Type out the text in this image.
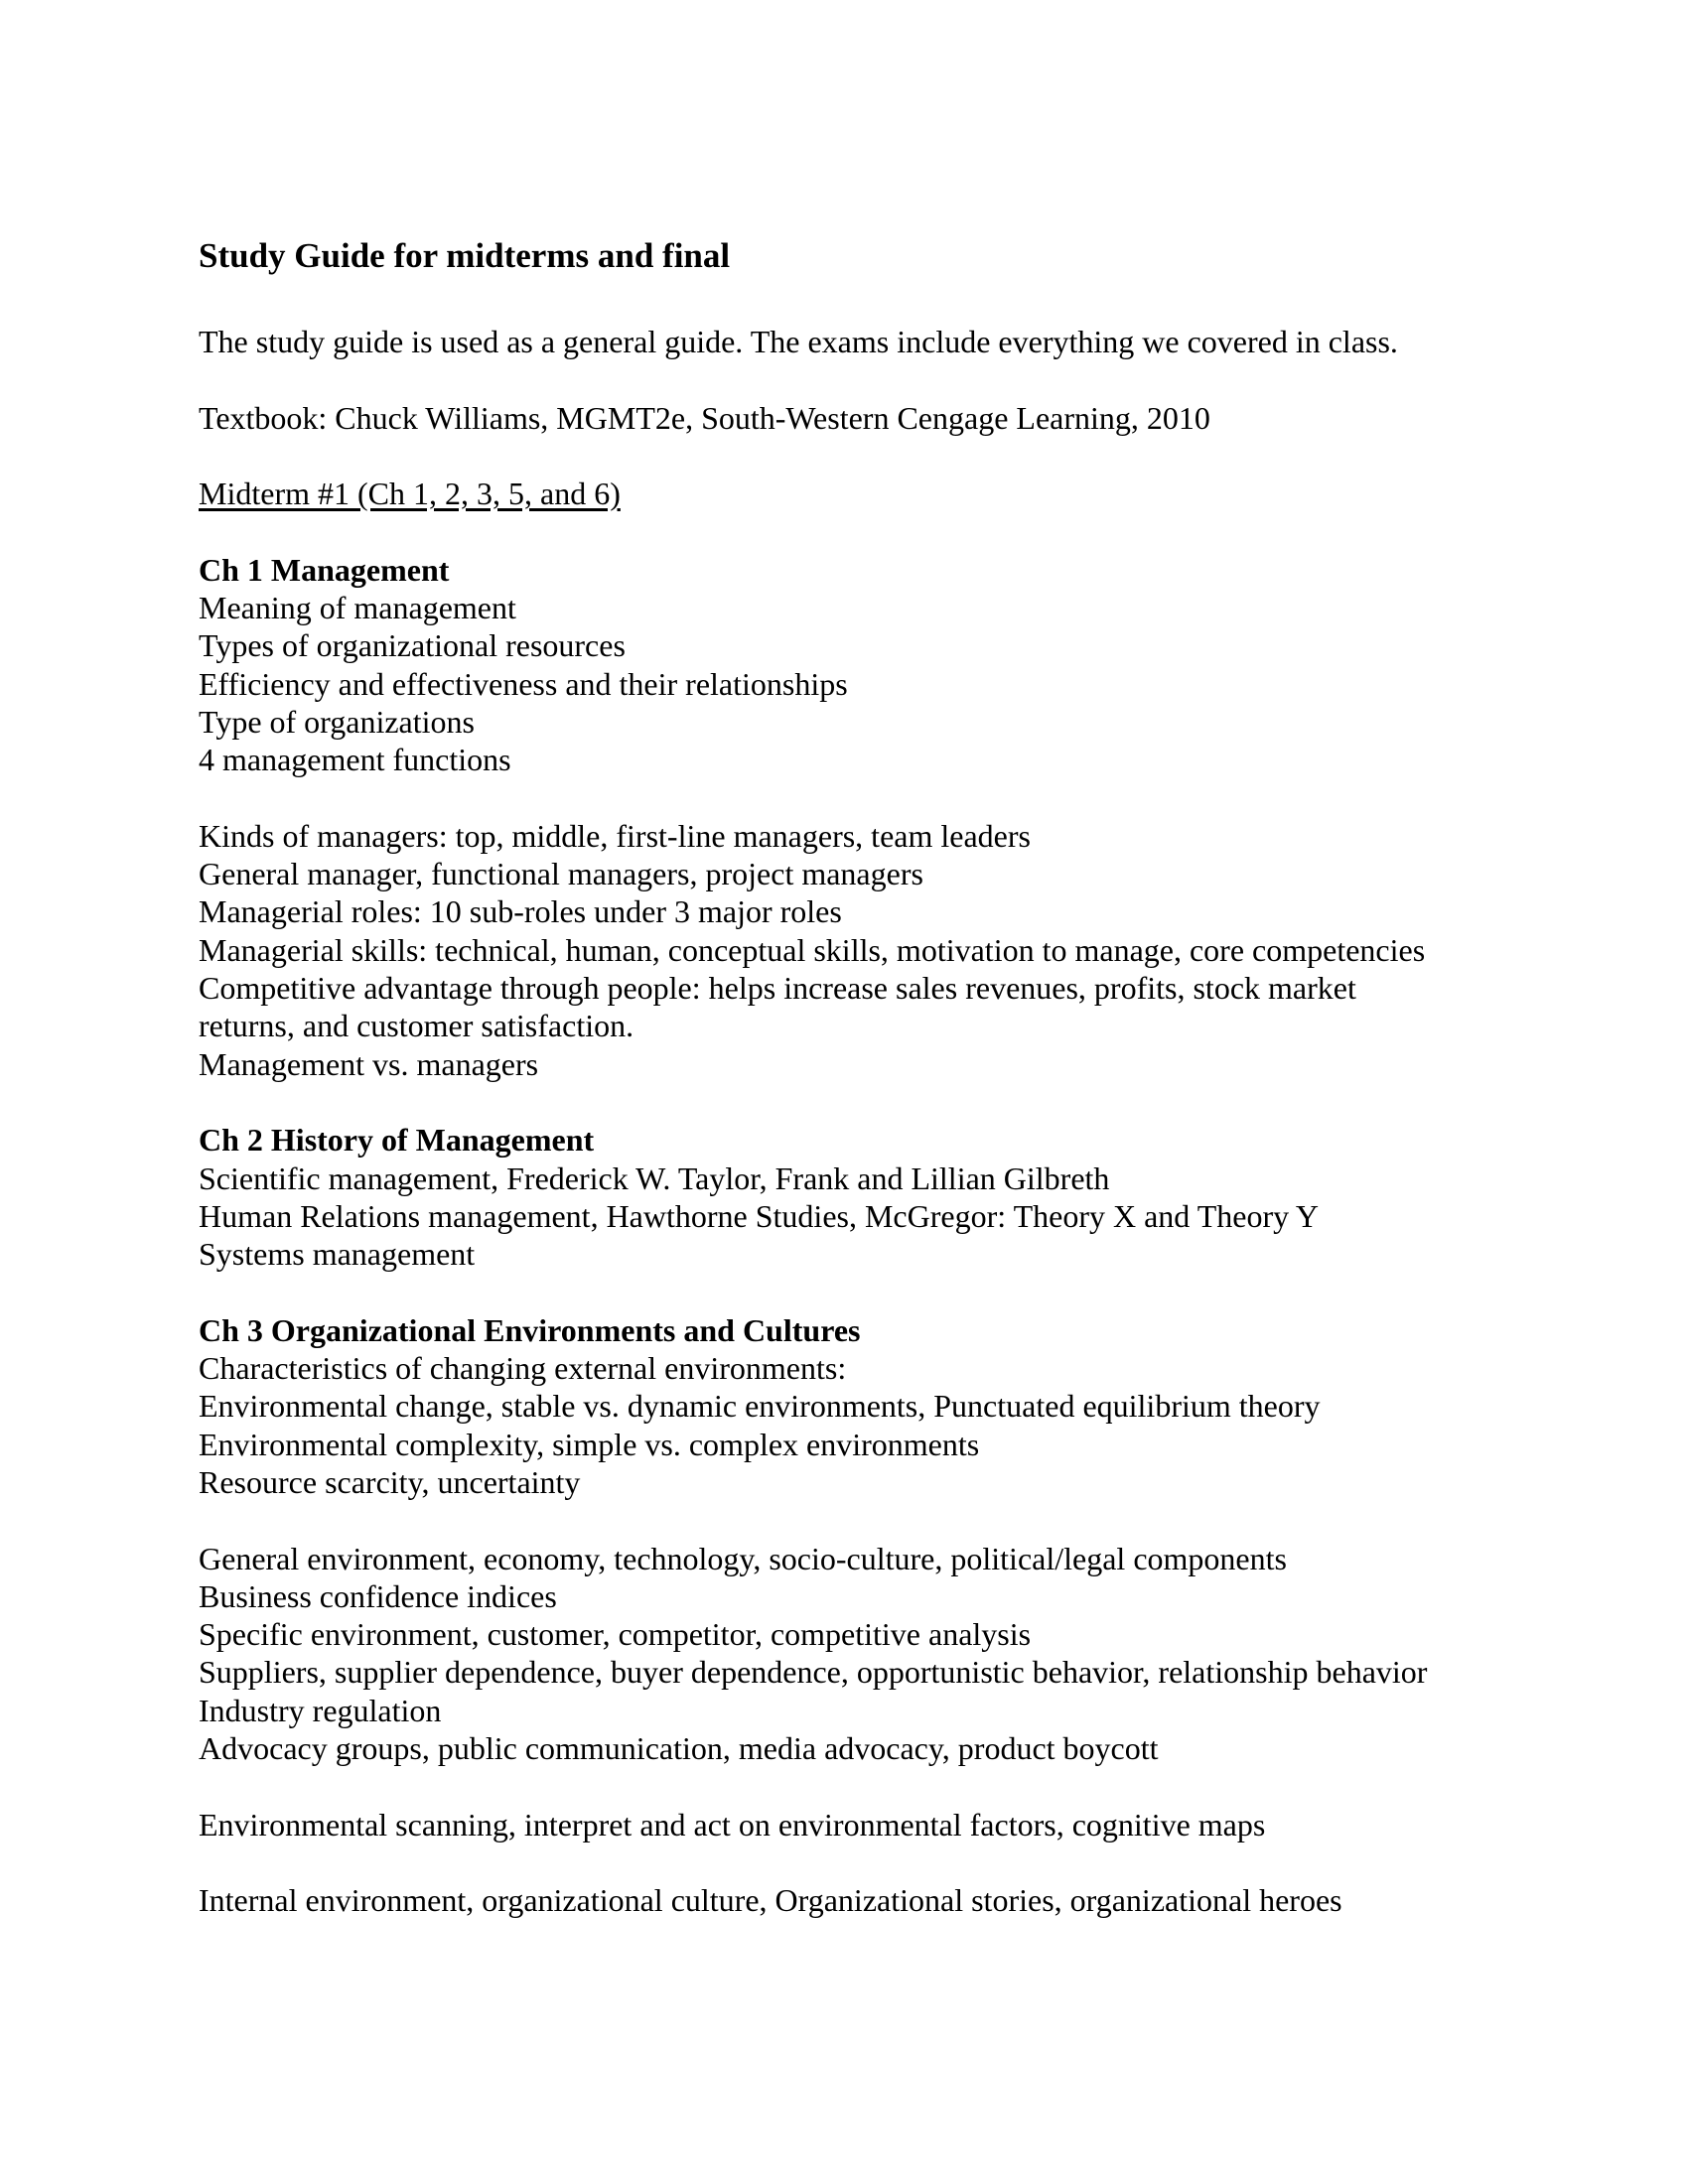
Study Guide for midterms and final
The study guide is used as a general guide. The exams include everything we covered in class.
Textbook: Chuck Williams, MGMT2e, South-Western Cengage Learning, 2010
Midterm #1 (Ch 1, 2, 3, 5, and 6)
Ch 1 Management
Meaning of management
Types of organizational resources
Efficiency and effectiveness and their relationships
Type of organizations
4 management functions
Kinds of managers: top, middle, first-line managers, team leaders
General manager, functional managers, project managers
Managerial roles: 10 sub-roles under 3 major roles
Managerial skills: technical, human, conceptual skills, motivation to manage, core competencies
Competitive advantage through people: helps increase sales revenues, profits, stock market
returns, and customer satisfaction.
Management vs. managers
Ch 2 History of Management
Scientific management, Frederick W. Taylor, Frank and Lillian Gilbreth
Human Relations management, Hawthorne Studies, McGregor: Theory X and Theory Y
Systems management
Ch 3 Organizational Environments and Cultures
Characteristics of changing external environments:
Environmental change, stable vs. dynamic environments, Punctuated equilibrium theory
Environmental complexity, simple vs. complex environments
Resource scarcity, uncertainty
General environment, economy, technology, socio-culture, political/legal components
Business confidence indices
Specific environment, customer, competitor, competitive analysis
Suppliers, supplier dependence, buyer dependence, opportunistic behavior, relationship behavior
Industry regulation
Advocacy groups, public communication, media advocacy, product boycott
Environmental scanning, interpret and act on environmental factors, cognitive maps
Internal environment, organizational culture, Organizational stories, organizational heroes
